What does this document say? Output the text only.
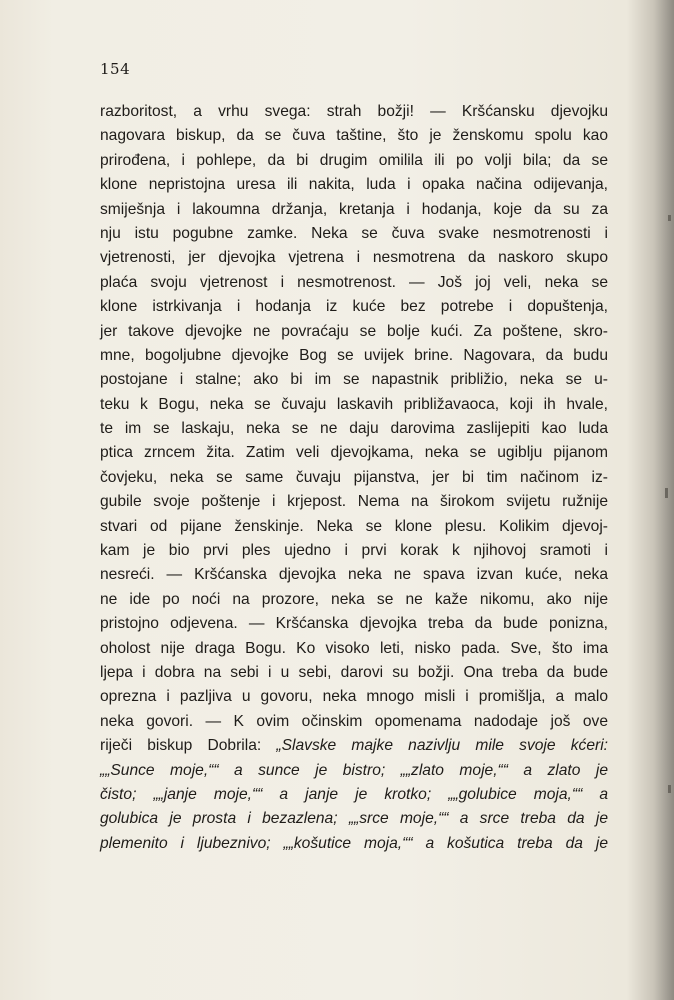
154
razboritost, a vrhu svega: strah božji! — Kršćansku djevojku
nagovara biskup, da se čuva taštine, što je ženskomu spolu kao
prirođena, i pohlepe, da bi drugim omilila ili po volji bila; da se
klone nepristojna uresa ili nakita, luda i opaka načina odijevanja,
smiješnja i lakoumna držanja, kretanja i hodanja, koje da su za
nju istu pogubne zamke. Neka se čuva svake nesmotrenosti i
vjetrenosti, jer djevojka vjetrena i nesmotrena da naskoro skupo
plaća svoju vjetrenost i nesmotrenost. — Još joj veli, neka se
klone istrkivanja i hodanja iz kuće bez potrebe i dopuštenja,
jer takove djevojke ne povraćaju se bolje kući. Za poštene, skro-
mne, bogoljubne djevojke Bog se uvijek brine. Nagovara, da budu
postojane i stalne; ako bi im se napastnik približio, neka se u-
teku k Bogu, neka se čuvaju laskavih približavaoca, koji ih hvale,
te im se laskaju, neka se ne daju darovima zaslijepiti kao luda
ptica zrncem žita. Zatim veli djevojkama, neka se ugiblju pijanom
čovjeku, neka se same čuvaju pijanstva, jer bi tim načinom iz-
gubile svoje poštenje i krjepost. Nema na širokom svijetu ružnije
stvari od pijane ženskinje. Neka se klone plesu. Kolikim djevoj-
kam je bio prvi ples ujedno i prvi korak k njihovoj sramoti i
nesreći. — Kršćanska djevojka neka ne spava izvan kuće, neka
ne ide po noći na prozore, neka se ne kaže nikomu, ako nije
pristojno odjevena. — Kršćanska djevojka treba da bude ponizna,
oholost nije draga Bogu. Ko visoko leti, nisko pada. Sve, što ima
ljepa i dobra na sebi i u sebi, darovi su božji. Ona treba da bude
oprezna i pazljiva u govoru, neka mnogo misli i promišlja, a malo
neka govori. — K ovim očinskim opomenama nadodaje još ove
riječi biskup Dobrila: „Slavske majke nazivlju mile svoje kćeri:
„„Sunce moje,““ a sunce je bistro; „„zlato moje,““ a zlato je
čisto; „„janje moje,““ a janje je krotko; „„golubice moja,““ a
golubica je prosta i bezazlena; „„srce moje,““ a srce treba da je
plemenito i ljubeznivo; „„košutice moja,““ a košutica treba da je
